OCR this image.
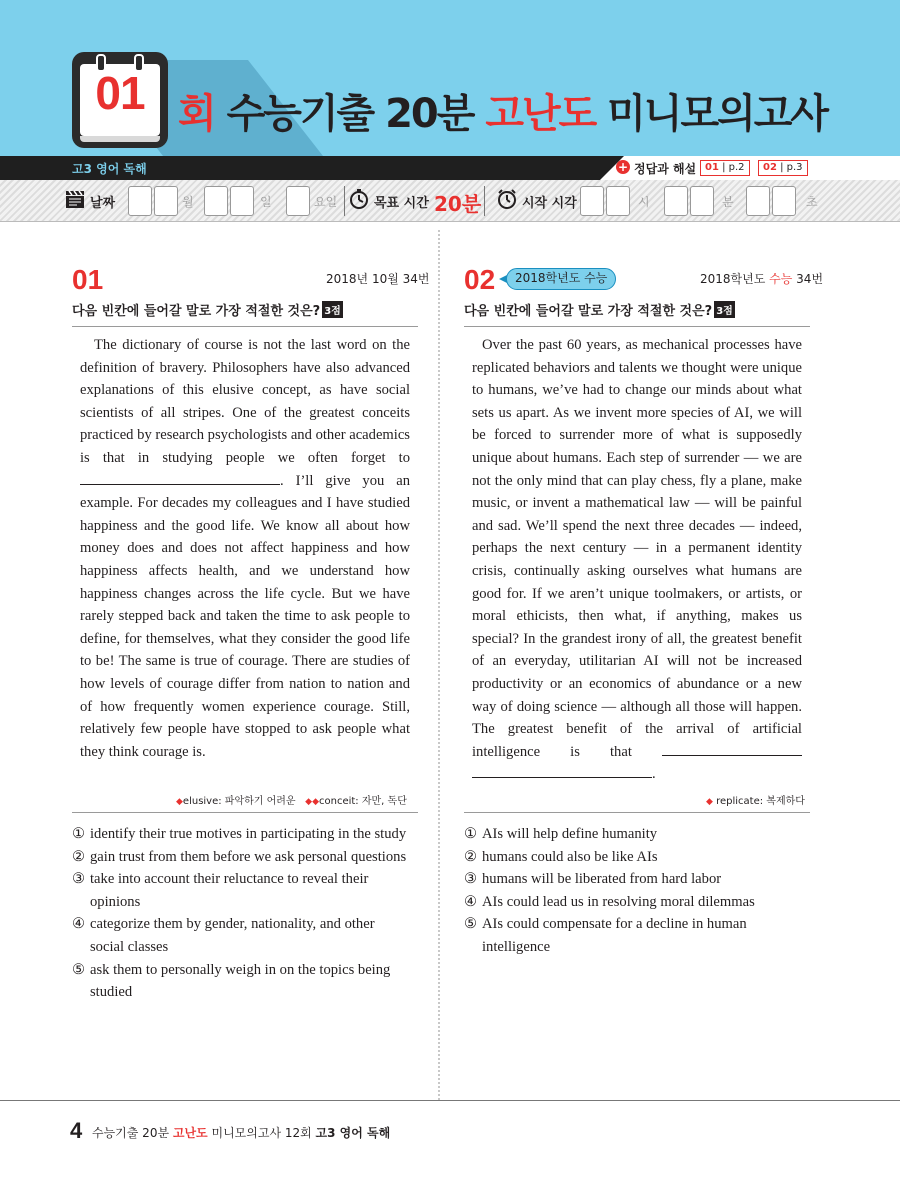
01 회 수능기출 20분 고난도 미니모의고사
고3 영어 독해	+ 정답과 해설 01 | p.2	02 | p.3
날짜	월	일	요일	목표 시간 20분	시작 시각	시	분	초
01	2018년 10월 34번
다음 빈칸에 들어갈 말로 가장 적절한 것은? 3점
The dictionary of course is not the last word on the definition of bravery. Philosophers have also advanced explanations of this elusive concept, as have social scientists of all stripes. One of the greatest conceits practiced by research psychologists and other academics is that in studying people we often forget to . I’ll give you an example. For decades my colleagues and I have studied happiness and the good life. We know all about how money does and does not affect happiness and how happiness affects health, and we understand how happiness changes across the life cycle. But we have rarely stepped back and taken the time to ask people to define, for themselves, what they consider the good life to be! The same is true of courage. There are studies of how levels of courage differ from nation to nation and of how frequently women experience courage. Still, relatively few people have stopped to ask people what they think courage is.
◆elusive: 파악하기 어려운 ◆◆conceit: 자만, 독단
① identify their true motives in participating in the study
② gain trust from them before we ask personal questions
③ take into account their reluctance to reveal their opinions
④ categorize them by gender, nationality, and other social classes
⑤ ask them to personally weigh in on the topics being studied
02	2018학년도 수능	2018학년도 수능 34번
다음 빈칸에 들어갈 말로 가장 적절한 것은? 3점
Over the past 60 years, as mechanical processes have replicated behaviors and talents we thought were unique to humans, we’ve had to change our minds about what sets us apart. As we invent more species of AI, we will be forced to surrender more of what is supposedly unique about humans. Each step of surrender — we are not the only mind that can play chess, fly a plane, make music, or invent a mathematical law — will be painful and sad. We’ll spend the next three decades — indeed, perhaps the next century — in a permanent identity crisis, continually asking ourselves what humans are good for. If we aren’t unique toolmakers, or artists, or moral ethicists, then what, if anything, makes us special? In the grandest irony of all, the greatest benefit of an everyday, utilitarian AI will not be increased productivity or an economics of abundance or a new way of doing science — although all those will happen. The greatest benefit of the arrival of artificial intelligence is that  .
◆ replicate: 복제하다
① AIs will help define humanity
② humans could also be like AIs
③ humans will be liberated from hard labor
④ AIs could lead us in resolving moral dilemmas
⑤ AIs could compensate for a decline in human intelligence
4 수능기출 20분 고난도 미니모의고사 12회 고3 영어 독해
